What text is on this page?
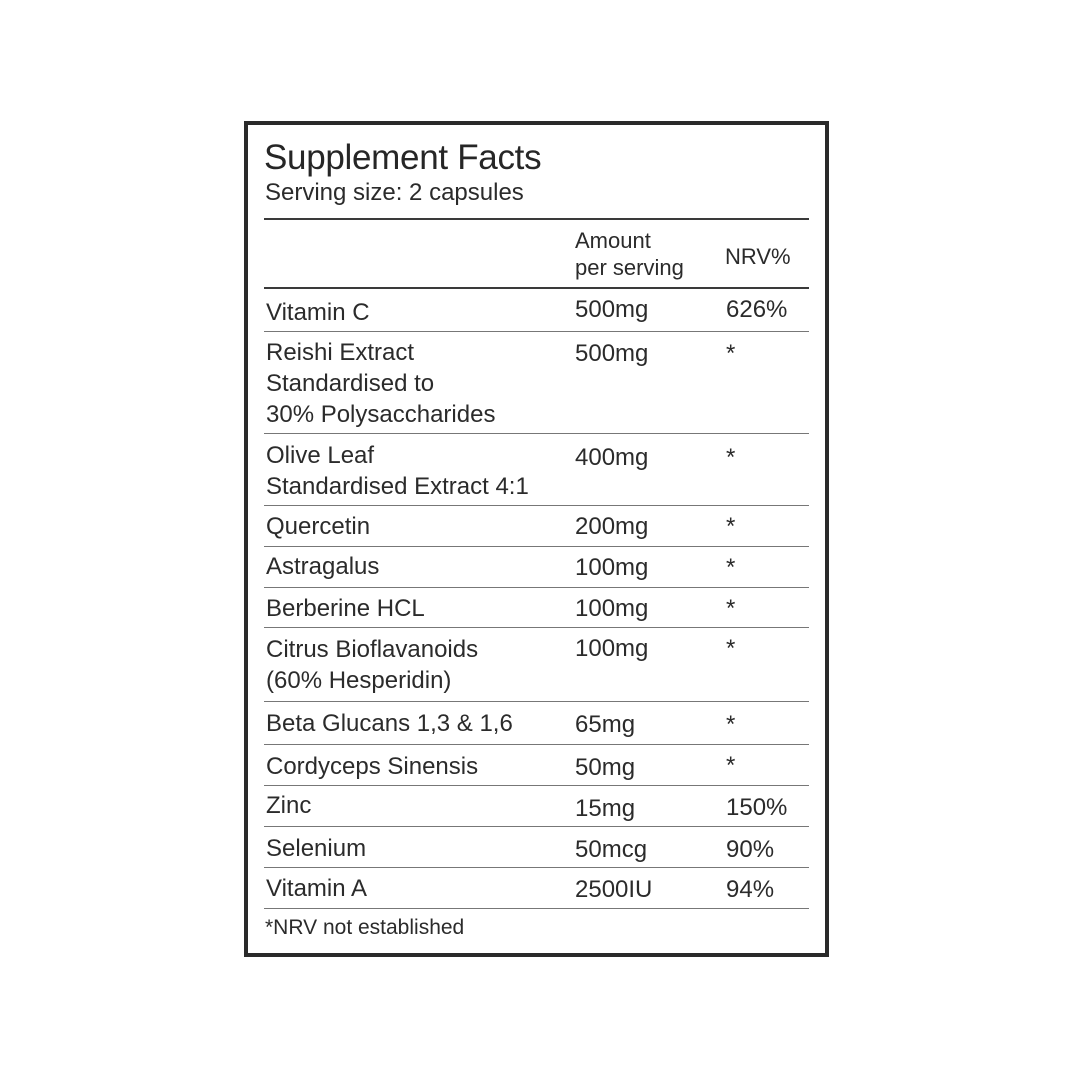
Supplement Facts
Serving size: 2 capsules
Amount
per serving	NRV%
Vitamin C	500mg	626%
Reishi Extract
Standardised to
30% Polysaccharides
500mg	*
Olive Leaf
Standardised Extract 4:1
400mg	*
Quercetin	200mg	*
Astragalus	100mg	*
Berberine HCL	100mg	*
Citrus Bioflavanoids
(60% Hesperidin)
100mg	*
Beta Glucans 1,3 & 1,6	65mg	*
Cordyceps Sinensis	50mg	*
Zinc	15mg	150%
Selenium	50mcg	90%
Vitamin A	2500IU	94%
*NRV not established
